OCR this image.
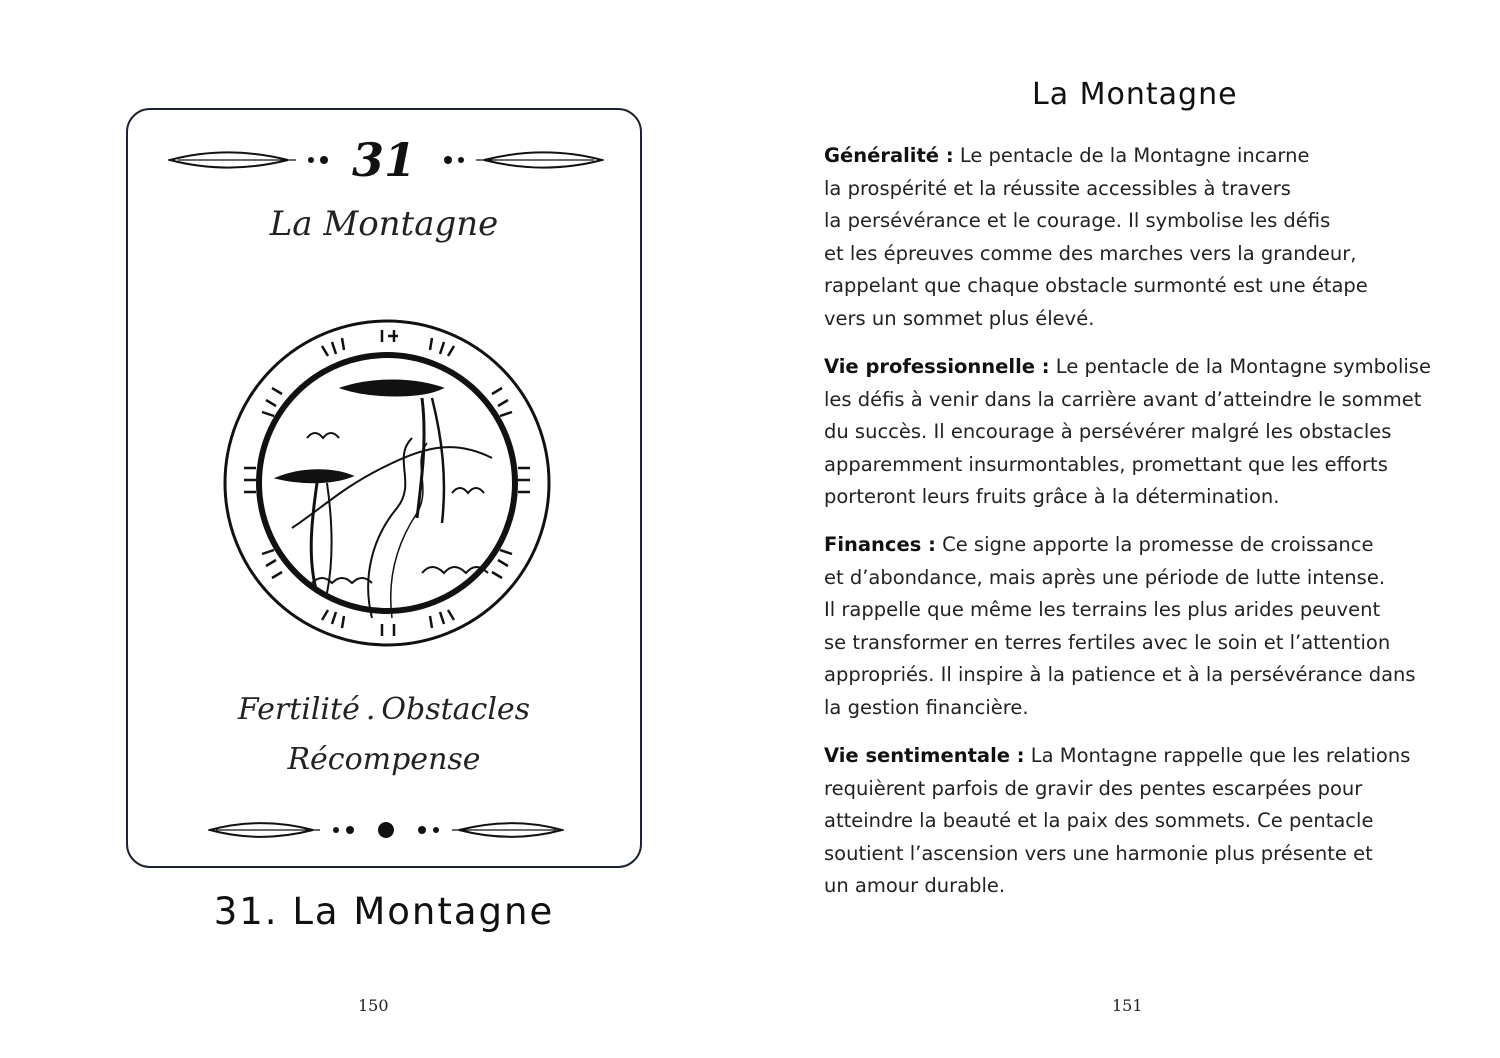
31
La Montagne
Fertilité . Obstacles
Récompense
31. La Montagne
150
La Montagne

Généralité : Le pentacle de la Montagne incarne

la prospérité et la réussite accessibles à travers

la persévérance et le courage. Il symbolise les défis

et les épreuves comme des marches vers la grandeur,

rappelant que chaque obstacle surmonté est une étape

vers un sommet plus élevé.

Vie professionnelle : Le pentacle de la Montagne symbolise

les défis à venir dans la carrière avant d’atteindre le sommet

du succès. Il encourage à persévérer malgré les obstacles

apparemment insurmontables, promettant que les efforts

porteront leurs fruits grâce à la détermination.

Finances : Ce signe apporte la promesse de croissance

et d’abondance, mais après une période de lutte intense.

Il rappelle que même les terrains les plus arides peuvent

se transformer en terres fertiles avec le soin et l’attention

appropriés. Il inspire à la patience et à la persévérance dans

la gestion financière.

Vie sentimentale : La Montagne rappelle que les relations

requièrent parfois de gravir des pentes escarpées pour

atteindre la beauté et la paix des sommets. Ce pentacle

soutient l’ascension vers une harmonie plus présente et

un amour durable.

151
